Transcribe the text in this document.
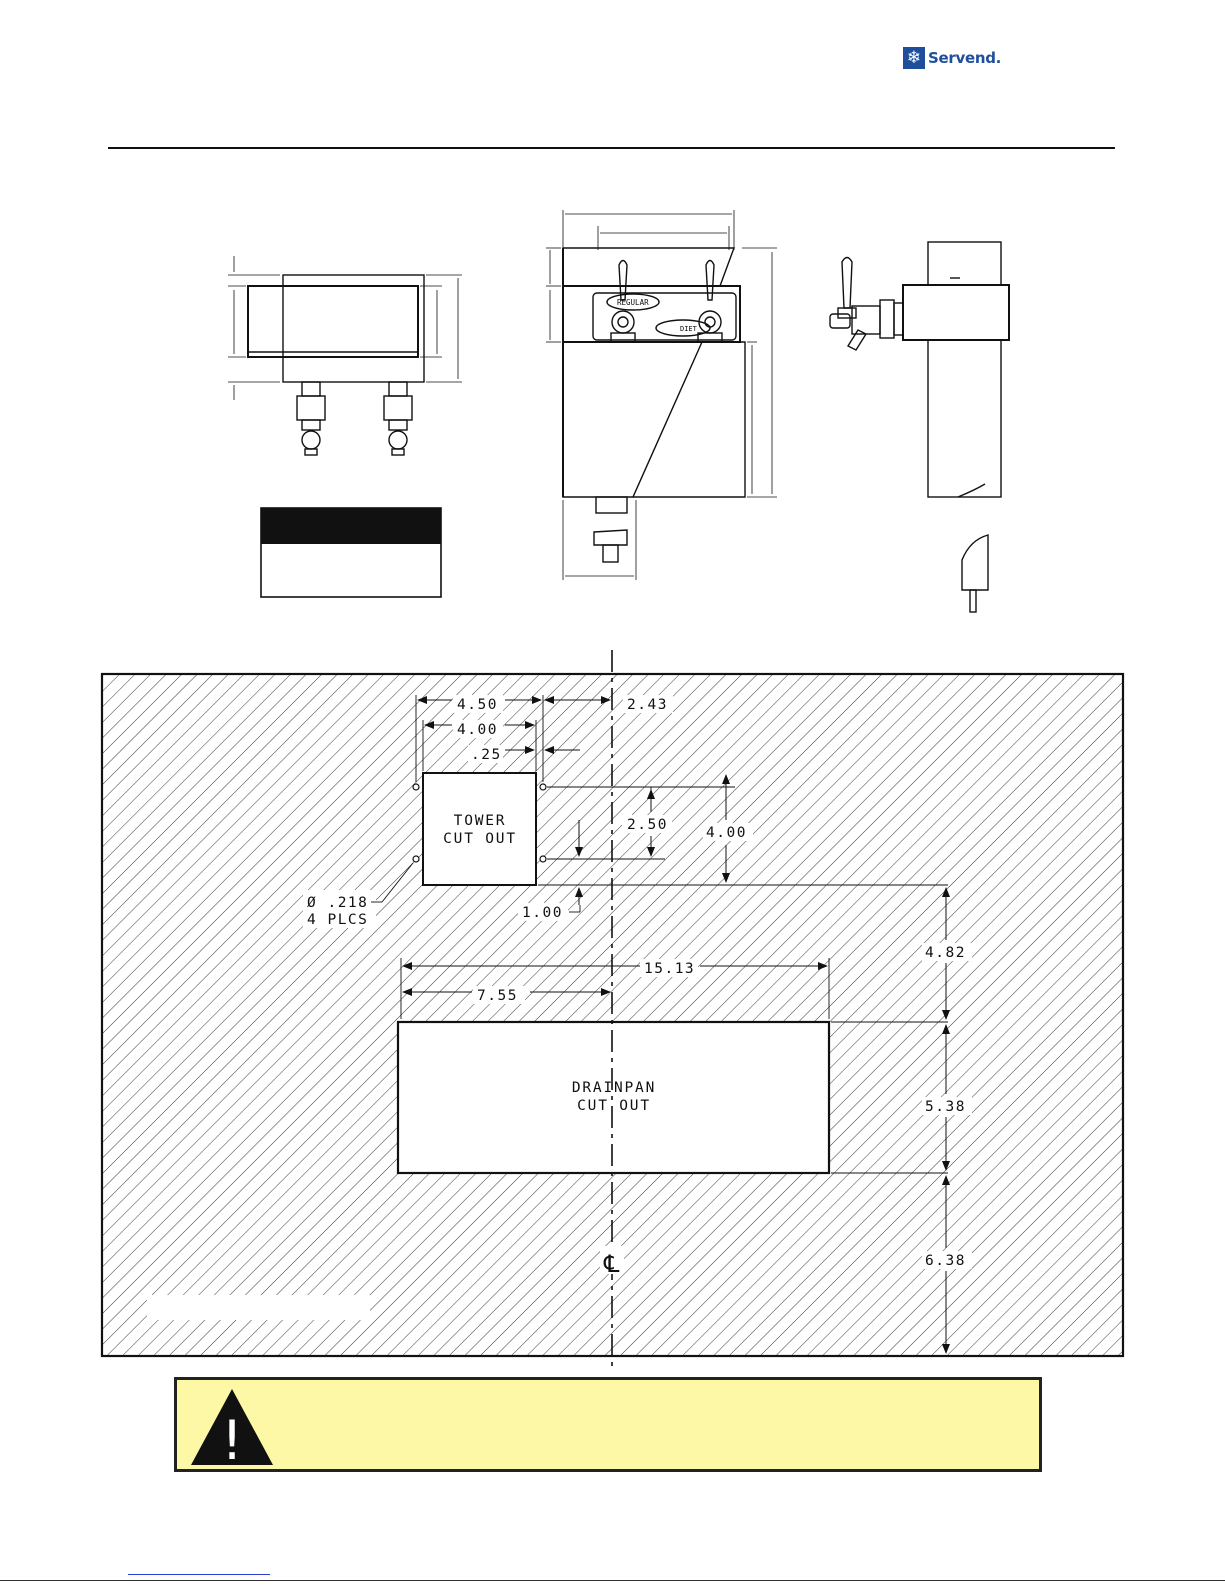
❄ Servend.
REGULAR
DIET
4.50	2.43
4.00
.25
2.50	4.00
1.00
Ø .218
4 PLCS
15.13
7.55
4.82
5.38
6.38
TOWER
CUT OUT
DRAINPAN
CUT OUT
℄
!
